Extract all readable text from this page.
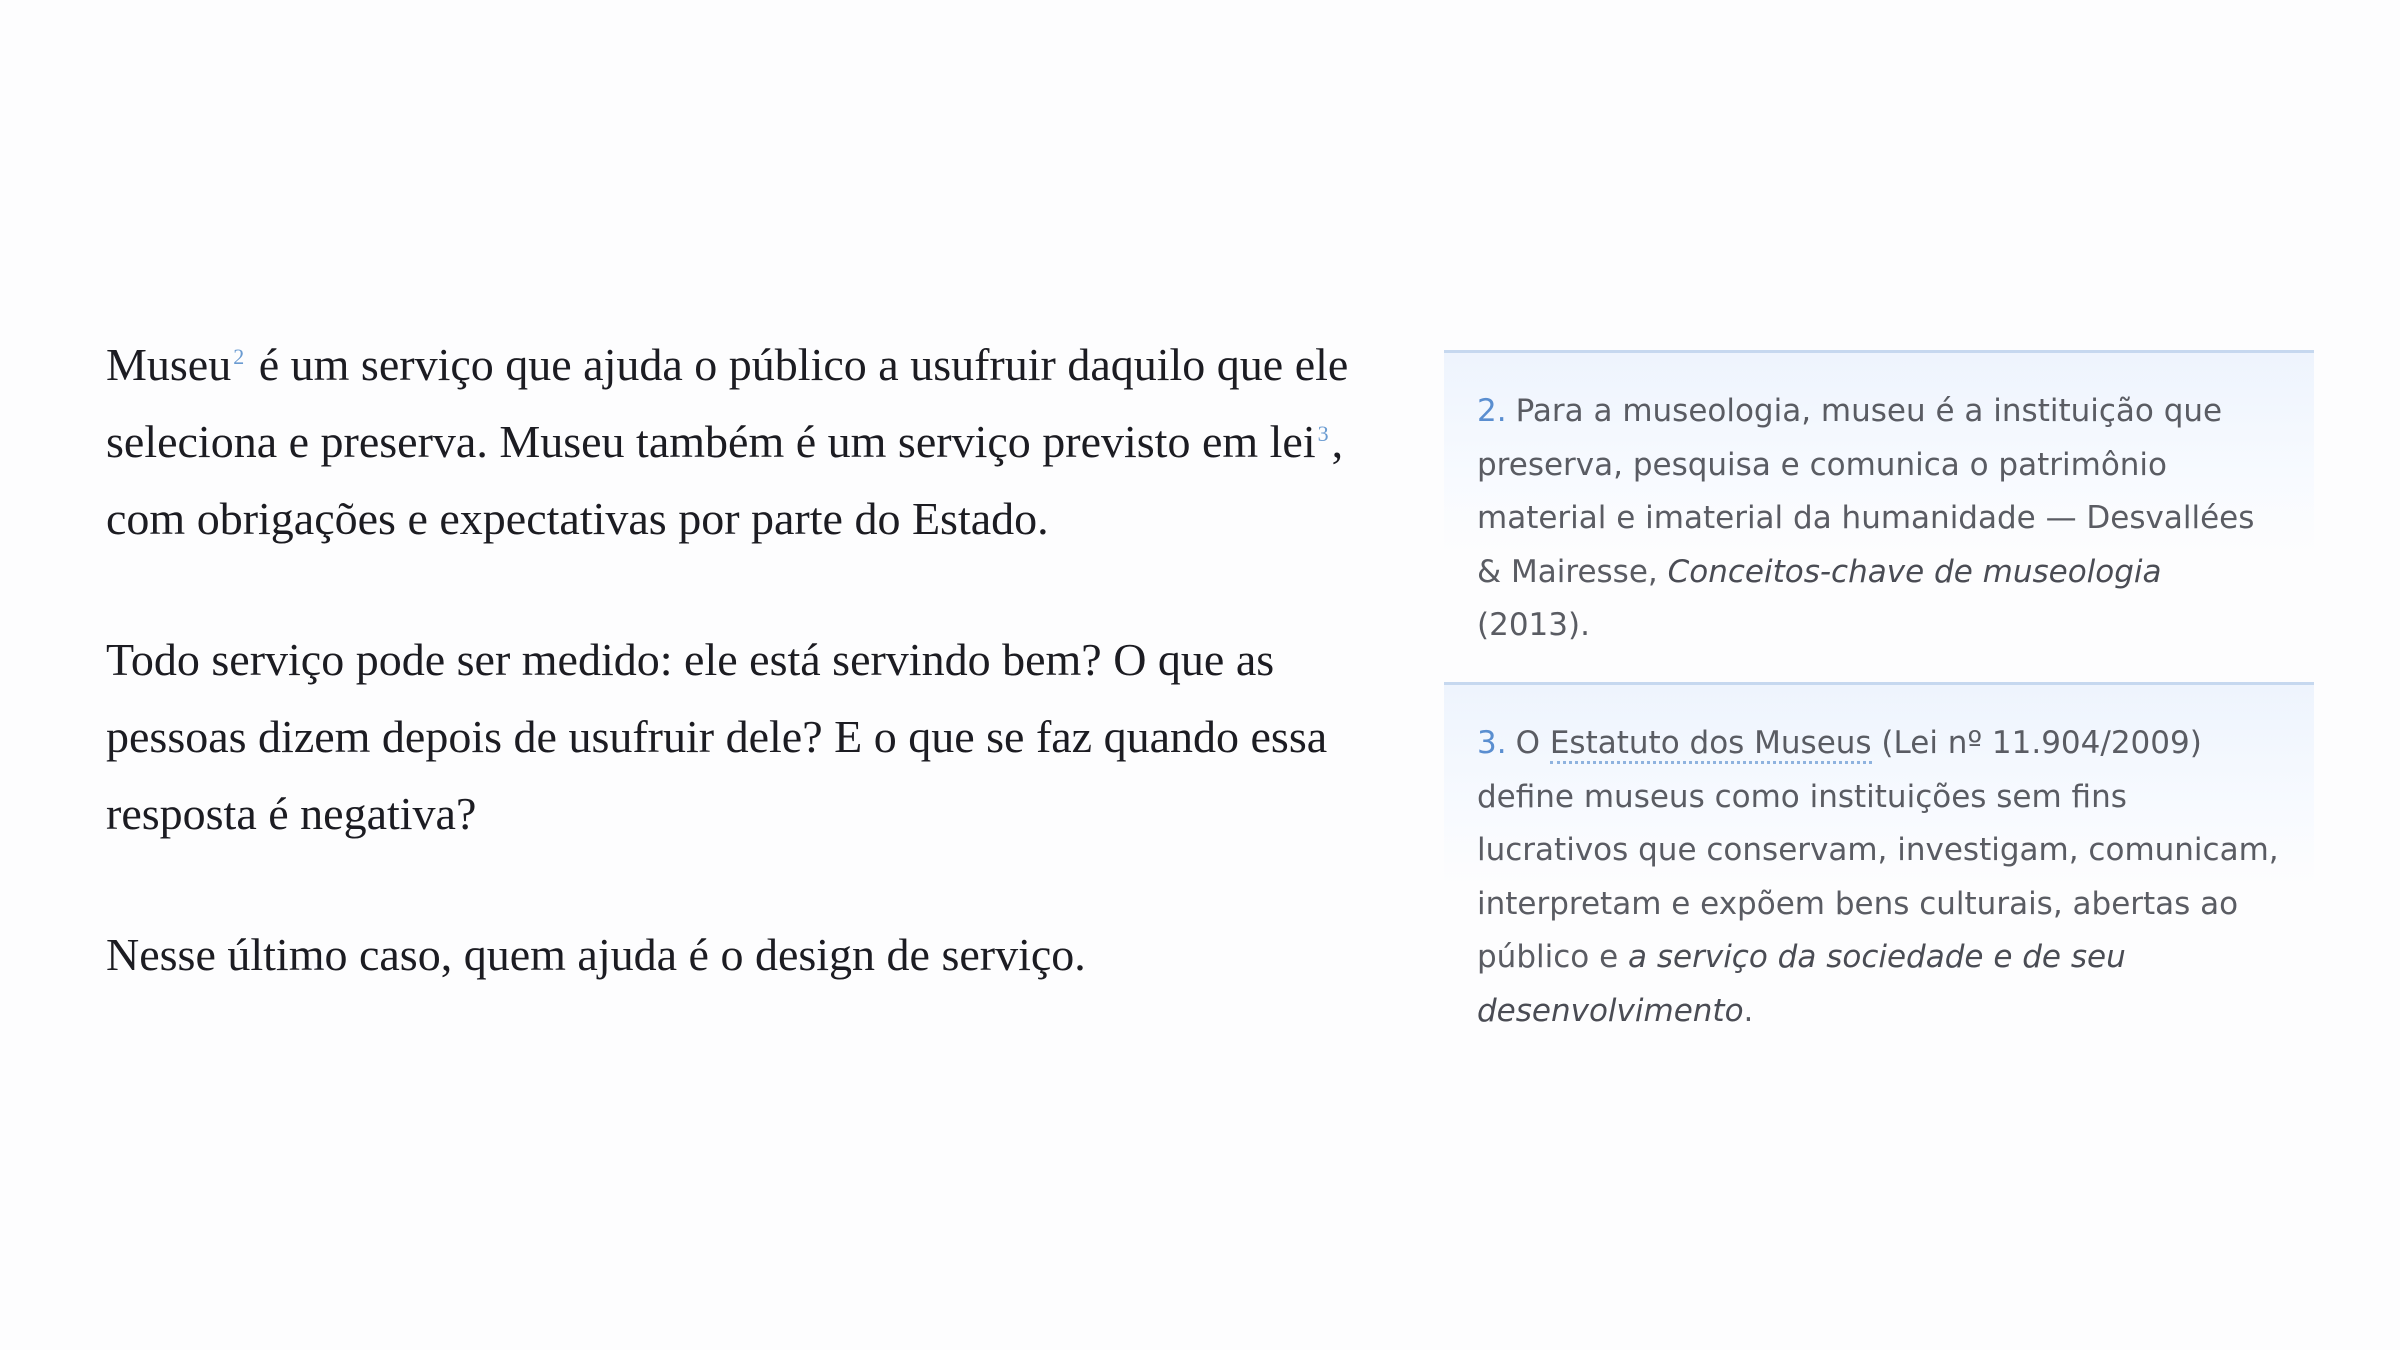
Museu$^2$ é um serviço que ajuda o público a usufruir daquilo que ele seleciona e preserva. Museu também é um serviço previsto em lei$^3$, com obrigações e expectativas por parte do Estado.

Todo serviço pode ser medido: ele está servindo bem? O que as pessoas dizem depois de usufruir dele? E o que se faz quando essa resposta é negativa?

Nesse último caso, quem ajuda é o design de serviço.

2. Para a museologia, museu é a instituição que preserva, pesquisa e comunica o patrimônio material e imaterial da humanidade — Desvallées & Mairesse, Conceitos-chave de museologia (2013).
3. O Estatuto dos Museus (Lei nº 11.904/2009) define museus como instituições sem fins lucrativos que conservam, investigam, comunicam, interpretam e expõem bens culturais, abertas ao público e a serviço da sociedade e de seu desenvolvimento.
